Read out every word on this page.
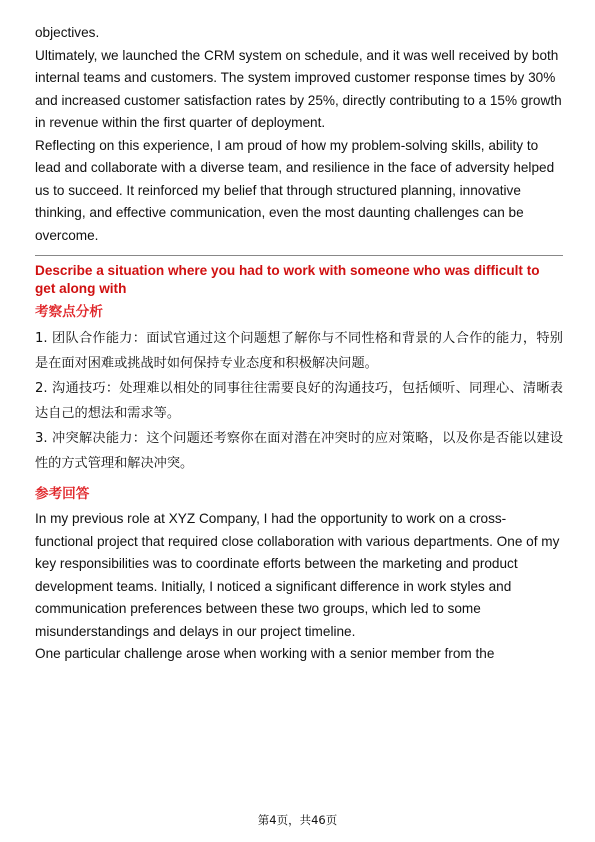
objectives.

Ultimately, we launched the CRM system on schedule, and it was well received by both internal teams and customers. The system improved customer response times by 30% and increased customer satisfaction rates by 25%, directly contributing to a 15% growth in revenue within the first quarter of deployment.

Reflecting on this experience, I am proud of how my problem-solving skills, ability to lead and collaborate with a diverse team, and resilience in the face of adversity helped us to succeed. It reinforced my belief that through structured planning, innovative thinking, and effective communication, even the most daunting challenges can be overcome.

Describe a situation where you had to work with someone who was difficult to get along with

考察点分析

1. 团队合作能力：面试官通过这个问题想了解你与不同性格和背景的人合作的能力，特别是在面对困难或挑战时如何保持专业态度和积极解决问题。

2. 沟通技巧：处理难以相处的同事往往需要良好的沟通技巧，包括倾听、同理心、清晰表达自己的想法和需求等。

3. 冲突解决能力：这个问题还考察你在面对潜在冲突时的应对策略，以及你是否能以建设性的方式管理和解决冲突。

参考回答

In my previous role at XYZ Company, I had the opportunity to work on a cross-functional project that required close collaboration with various departments. One of my key responsibilities was to coordinate efforts between the marketing and product development teams. Initially, I noticed a significant difference in work styles and communication preferences between these two groups, which led to some misunderstandings and delays in our project timeline.

One particular challenge arose when working with a senior member from the

第4页，共46页
